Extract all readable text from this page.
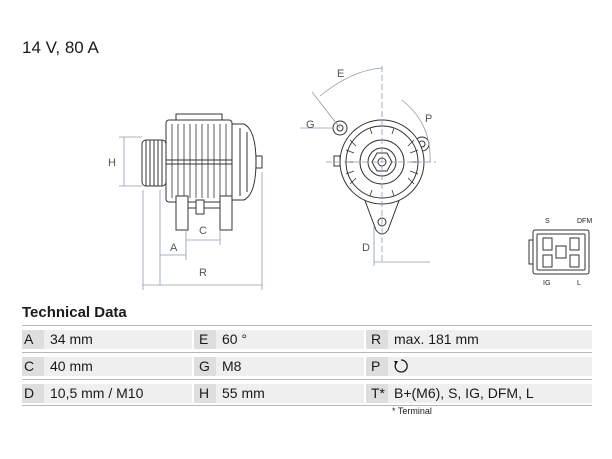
14 V, 80 A
H
A
C
R
E
P
G
D
S	DFM
IG	L
Technical Data
A	34 mm	E 60 °	R max. 181 mm
C	40 mm	G M8	P
D	10,5 mm / M10	H 55 mm	T* B+(M6), S, IG, DFM, L
* Terminal
